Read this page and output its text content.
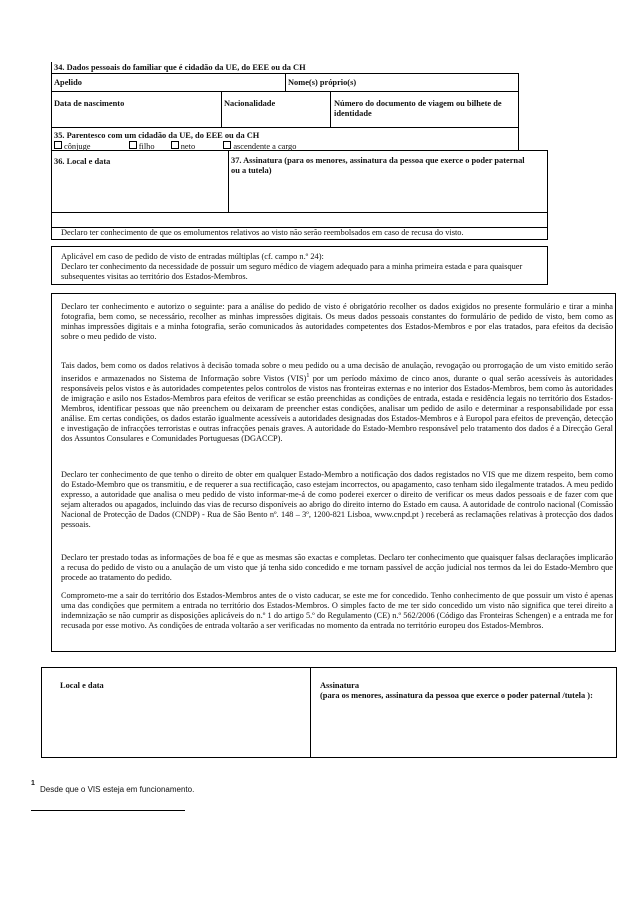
34. Dados pessoais do familiar que é cidadão da UE, do EEE ou da CH
Apelido	Nome(s) próprio(s)
Data de nascimento	Nacionalidade	Número do documento de viagem ou bilhete de identidade
35. Parentesco com um cidadão da UE, do EEE ou da CH
cônjuge	filho	neto	ascendente a cargo
36. Local e data	37. Assinatura (para os menores, assinatura da pessoa que exerce o poder paternal ou a tutela)
Declaro ter conhecimento de que os emolumentos relativos ao visto não serão reembolsados em caso de recusa do visto.
Aplicável em caso de pedido de visto de entradas múltiplas (cf. campo n.º 24):
Declaro ter conhecimento da necessidade de possuir um seguro médico de viagem adequado para a minha primeira estada e para quaisquer subsequentes visitas ao território dos Estados-Membros.
Declaro ter conhecimento e autorizo o seguinte: para a análise do pedido de visto é obrigatório recolher os dados exigidos no presente formulário e tirar a minha fotografia, bem como, se necessário, recolher as minhas impressões digitais. Os meus dados pessoais constantes do formulário de pedido de visto, bem como as minhas impressões digitais e a minha fotografia, serão comunicados às autoridades competentes dos Estados-Membros e por elas tratados, para efeitos da decisão sobre o meu pedido de visto.
Tais dados, bem como os dados relativos à decisão tomada sobre o meu pedido ou a uma decisão de anulação, revogação ou prorrogação de um visto emitido serão inseridos e armazenados no Sistema de Informação sobre Vistos (VIS)$^1$ por um período máximo de cinco anos, durante o qual serão acessíveis às autoridades responsáveis pelos vistos e às autoridades competentes pelos controlos de vistos nas fronteiras externas e no interior dos Estados-Membros, bem como às autoridades de imigração e asilo nos Estados-Membros para efeitos de verificar se estão preenchidas as condições de entrada, estada e residência legais no território dos Estados-Membros, identificar pessoas que não preenchem ou deixaram de preencher estas condições, analisar um pedido de asilo e determinar a responsabilidade por essa análise. Em certas condições, os dados estarão igualmente acessíveis a autoridades designadas dos Estados-Membros e à Europol para efeitos de prevenção, detecção e investigação de infracções terroristas e outras infracções penais graves. A autoridade do Estado-Membro responsável pelo tratamento dos dados é a Direcção Geral dos Assuntos Consulares e Comunidades Portuguesas (DGACCP).
Declaro ter conhecimento de que tenho o direito de obter em qualquer Estado-Membro a notificação dos dados registados no VIS que me dizem respeito, bem como do Estado-Membro que os transmitiu, e de requerer a sua rectificação, caso estejam incorrectos, ou apagamento, caso tenham sido ilegalmente tratados. A meu pedido expresso, a autoridade que analisa o meu pedido de visto informar-me-á de como poderei exercer o direito de verificar os meus dados pessoais e de fazer com que sejam alterados ou apagados, incluindo das vias de recurso disponíveis ao abrigo do direito interno do Estado em causa. A autoridade de controlo nacional (Comissão Nacional de Protecção de Dados (CNDP) - Rua de São Bento nº. 148 – 3º, 1200-821 Lisboa, www.cnpd.pt ) receberá as reclamações relativas à protecção dos dados pessoais.
Declaro ter prestado todas as informações de boa fé e que as mesmas são exactas e completas. Declaro ter conhecimento que quaisquer falsas declarações implicarão a recusa do pedido de visto ou a anulação de um visto que já tenha sido concedido e me tornam passível de acção judicial nos termos da lei do Estado-Membro que procede ao tratamento do pedido.
Comprometo-me a sair do território dos Estados-Membros antes de o visto caducar, se este me for concedido. Tenho conhecimento de que possuir um visto é apenas uma das condições que permitem a entrada no território dos Estados-Membros. O simples facto de me ter sido concedido um visto não significa que terei direito a indemnização se não cumprir as disposições aplicáveis do n.º 1 do artigo 5.º do Regulamento (CE) n.º 562/2006 (Código das Fronteiras Schengen) e a entrada me for recusada por esse motivo. As condições de entrada voltarão a ser verificadas no momento da entrada no território europeu dos Estados-Membros.
Local e data	Assinatura
(para os menores, assinatura da pessoa que exerce o poder paternal /tutela ):
1
Desde que o VIS esteja em funcionamento.
